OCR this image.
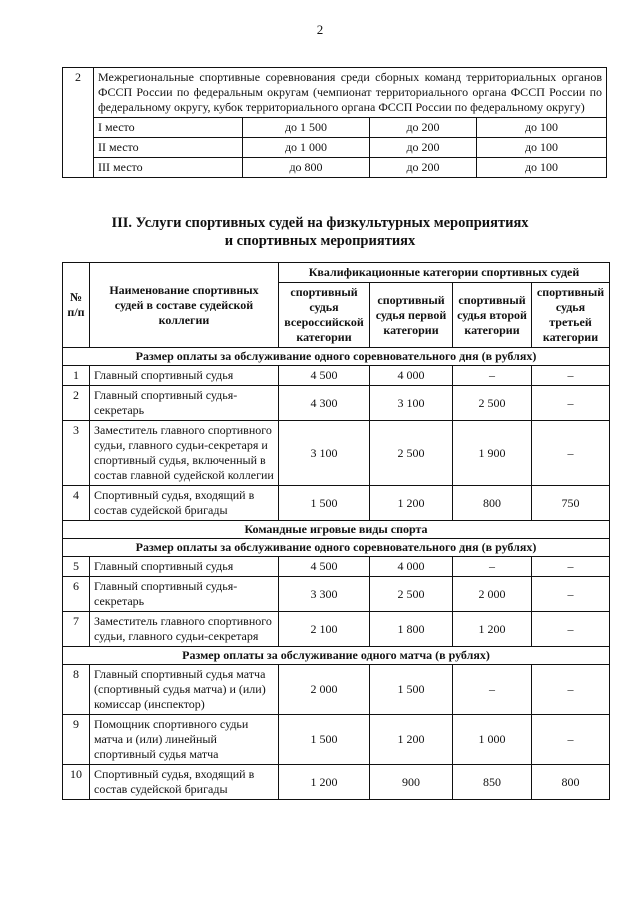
2
2	Межрегиональные спортивные соревнования среди сборных команд территориальных органов ФССП России по федеральным округам (чемпионат территориального органа ФССП России по федеральному округу, кубок территориального органа ФССП России по федеральному округу)			
	I место	до 1 500	до 200	до 100
	II место	до 1 000	до 200	до 100
	III место	до 800	до 200	до 100
III. Услуги спортивных судей на физкультурных мероприятиях
и спортивных мероприятиях
№ п/п	Наименование спортивных судей в составе судейской коллегии	Квалификационные категории спортивных судей			
		спортивный судья всероссийской категории	спортивный судья первой категории	спортивный судья второй категории	спортивный судья третьей категории
Размер оплаты за обслуживание одного соревновательного дня (в рублях)					
1	Главный спортивный судья	4 500	4 000	–	–
2	Главный спортивный судья-секретарь	4 300	3 100	2 500	–
3	Заместитель главного спортивного судьи, главного судьи-секретаря и спортивный судья, включенный в состав главной судейской коллегии	3 100	2 500	1 900	–
4	Спортивный судья, входящий в состав судейской бригады	1 500	1 200	800	750
Командные игровые виды спорта					
Размер оплаты за обслуживание одного соревновательного дня (в рублях)					
5	Главный спортивный судья	4 500	4 000	–	–
6	Главный спортивный судья-секретарь	3 300	2 500	2 000	–
7	Заместитель главного спортивного судьи, главного судьи-секретаря	2 100	1 800	1 200	–
Размер оплаты за обслуживание одного матча (в рублях)					
8	Главный спортивный судья матча (спортивный судья матча) и (или) комиссар (инспектор)	2 000	1 500	–	–
9	Помощник спортивного судьи матча и (или) линейный спортивный судья матча	1 500	1 200	1 000	–
10	Спортивный судья, входящий в состав судейской бригады	1 200	900	850	800
